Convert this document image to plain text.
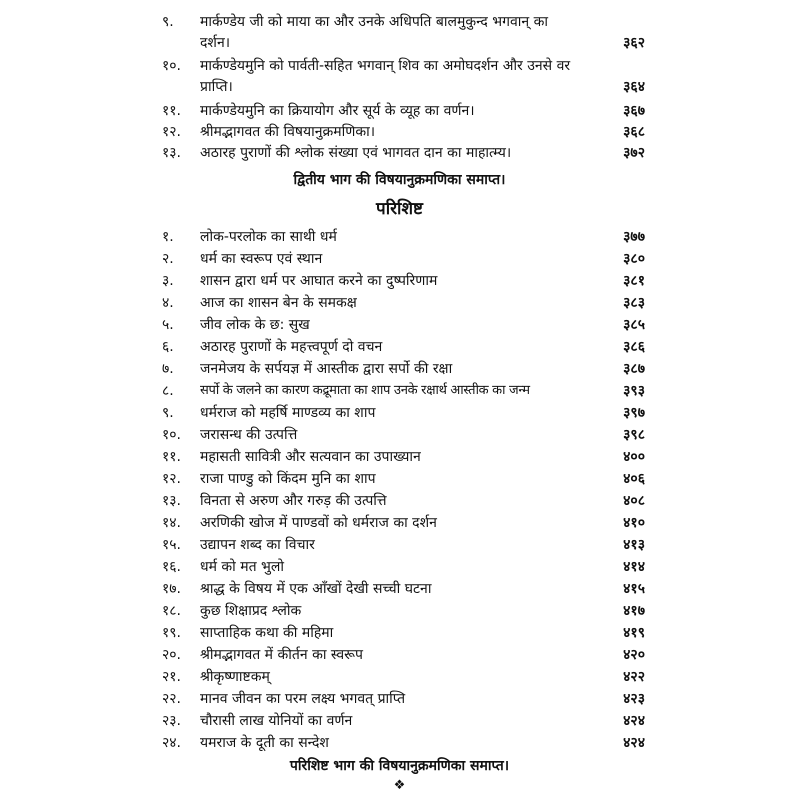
९.	मार्कण्डेय जी को माया का और उनके अधिपति बालमुकुन्द भगवान् का दर्शन।	३६२
१०.	मार्कण्डेयमुनि को पार्वती-सहित भगवान् शिव का अमोघदर्शन और उनसे वर प्राप्ति।	३६४
११.	मार्कण्डेयमुनि का क्रियायोग और सूर्य के व्यूह का वर्णन।	३६७
१२.	श्रीमद्भागवत की विषयानुक्रमणिका।	३६८
१३.	अठारह पुराणों की श्लोक संख्या एवं भागवत दान का माहात्म्य।	३७२
द्वितीय भाग की विषयानुक्रमणिका समाप्त।
परिशिष्ट
१.	लोक-परलोक का साथी धर्म	३७७
२.	धर्म का स्वरूप एवं स्थान	३८०
३.	शासन द्वारा धर्म पर आघात करने का दुष्परिणाम	३८१
४.	आज का शासन बेन के समकक्ष	३८३
५.	जीव लोक के छ: सुख	३८५
६.	अठारह पुराणों के महत्त्वपूर्ण दो वचन	३८६
७.	जनमेजय के सर्पयज्ञ में आस्तीक द्वारा सर्पो की रक्षा	३८७
८.	सर्पो के जलने का कारण कद्रूमाता का शाप उनके रक्षार्थ आस्तीक का जन्म	३९३
९.	धर्मराज को महर्षि माण्डव्य का शाप	३९७
१०.	जरासन्ध की उत्पत्ति	३९८
११.	महासती सावित्री और सत्यवान का उपाख्यान	४००
१२.	राजा पाण्डु को किंदम मुनि का शाप	४०६
१३.	विनता से अरुण और गरुड़ की उत्पत्ति	४०८
१४.	अरणिकी खोज में पाण्डवों को धर्मराज का दर्शन	४१०
१५.	उद्यापन शब्द का विचार	४१३
१६.	धर्म को मत भुलो	४१४
१७.	श्राद्ध के विषय में एक आँखों देखी सच्ची घटना	४१५
१८.	कुछ शिक्षाप्रद श्लोक	४१७
१९.	साप्ताहिक कथा की महिमा	४१९
२०.	श्रीमद्भागवत में कीर्तन का स्वरूप	४२०
२१.	श्रीकृष्णाष्टकम्	४२२
२२.	मानव जीवन का परम लक्ष्य भगवत् प्राप्ति	४२३
२३.	चौरासी लाख योनियों का वर्णन	४२४
२४.	यमराज के दूती का सन्देश	४२४
परिशिष्ट भाग की विषयानुक्रमणिका समाप्त।
❖
